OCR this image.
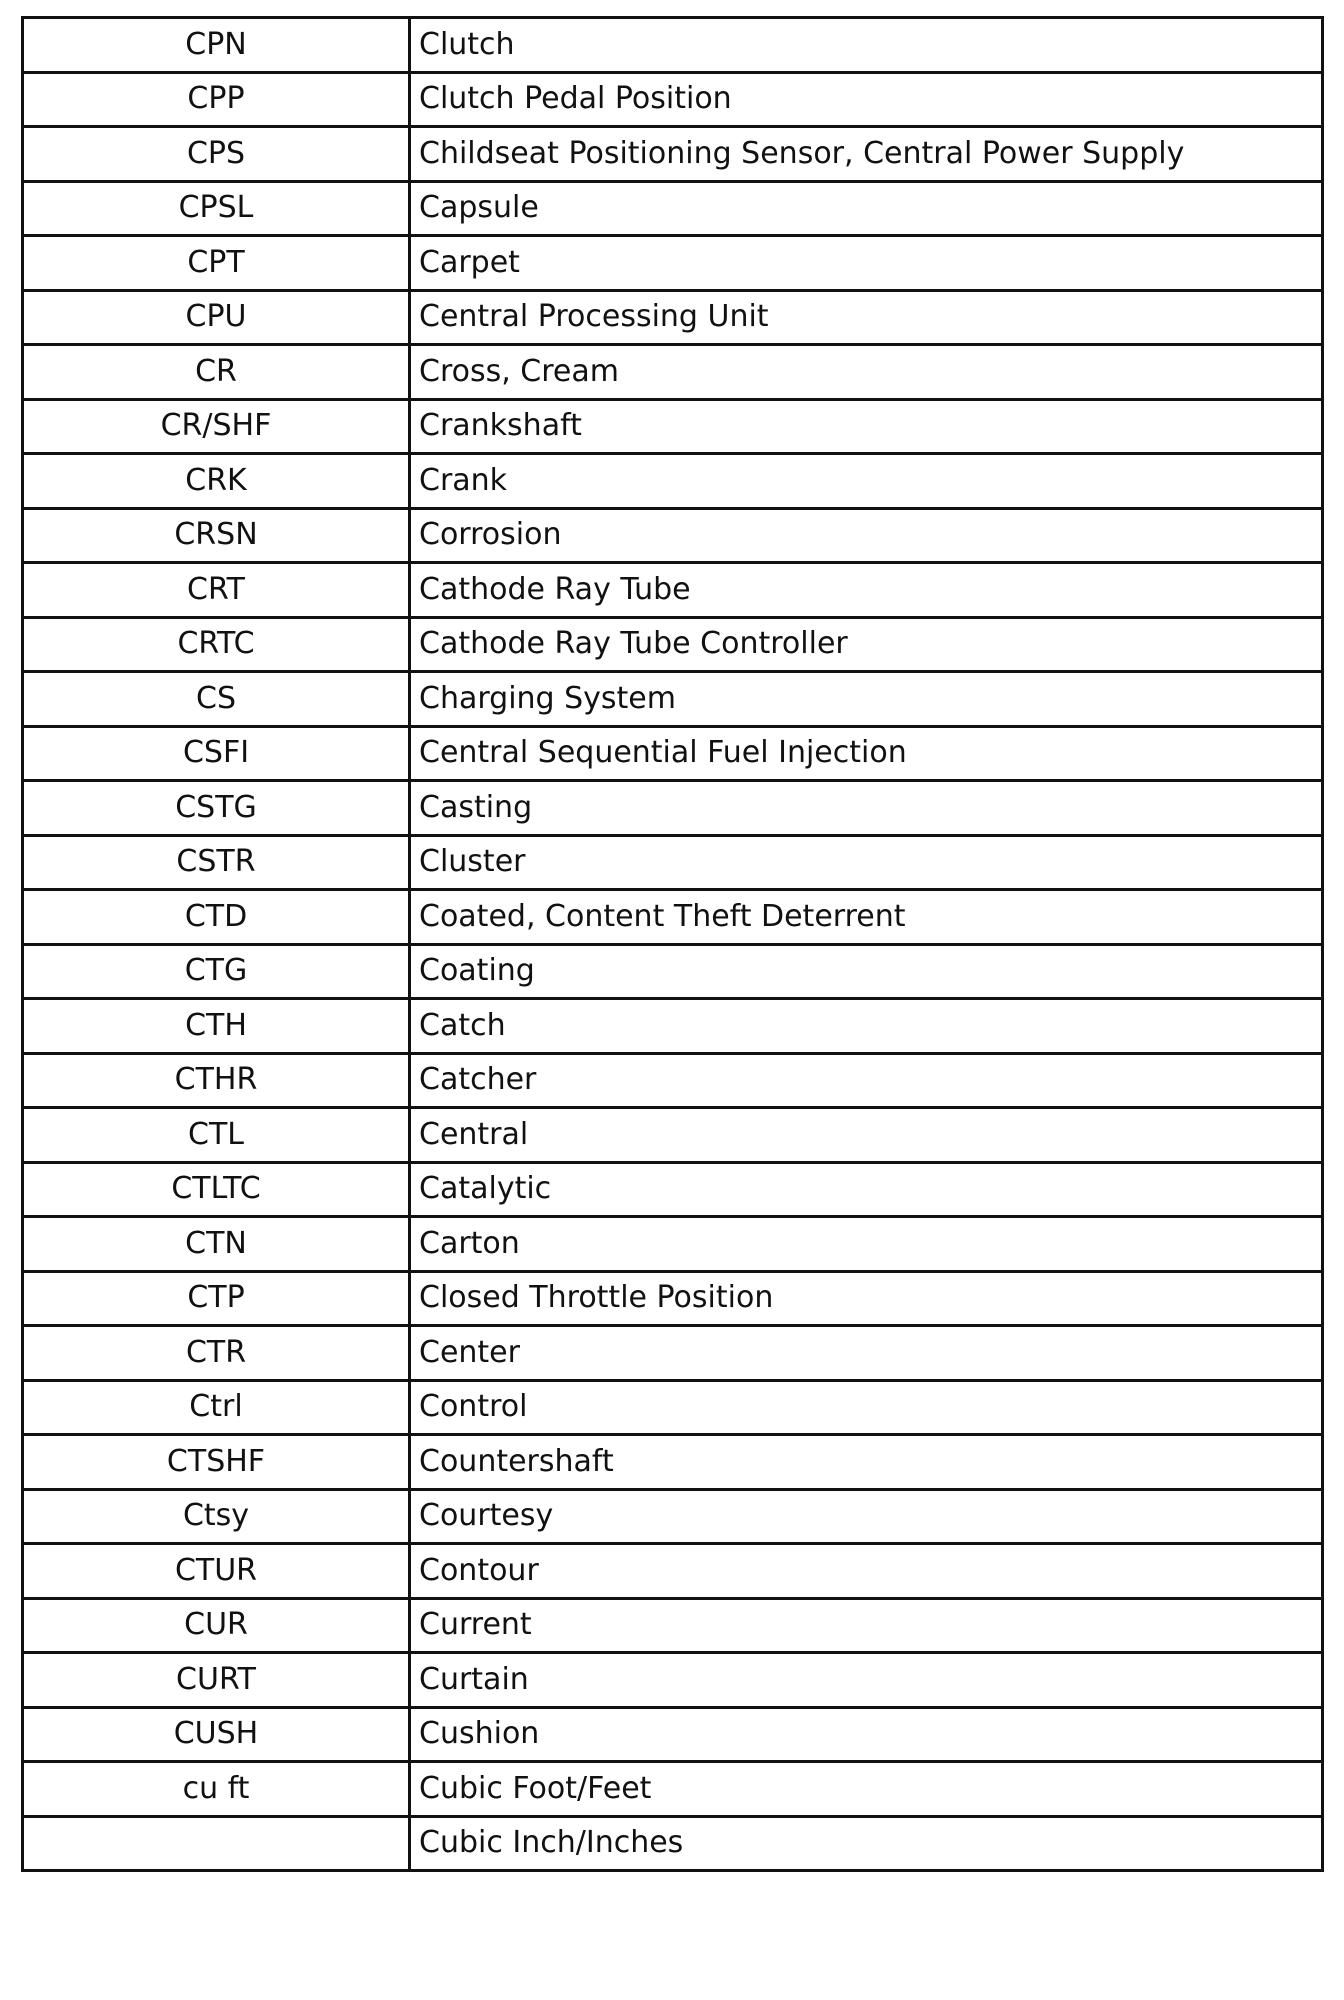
CPN	Clutch
CPP	Clutch Pedal Position
CPS	Childseat Positioning Sensor, Central Power Supply
CPSL	Capsule
CPT	Carpet
CPU	Central Processing Unit
CR	Cross, Cream
CR/SHF	Crankshaft
CRK	Crank
CRSN	Corrosion
CRT	Cathode Ray Tube
CRTC	Cathode Ray Tube Controller
CS	Charging System
CSFI	Central Sequential Fuel Injection
CSTG	Casting
CSTR	Cluster
CTD	Coated, Content Theft Deterrent
CTG	Coating
CTH	Catch
CTHR	Catcher
CTL	Central
CTLTC	Catalytic
CTN	Carton
CTP	Closed Throttle Position
CTR	Center
Ctrl	Control
CTSHF	Countershaft
Ctsy	Courtesy
CTUR	Contour
CUR	Current
CURT	Curtain
CUSH	Cushion
cu ft	Cubic Foot/Feet
	Cubic Inch/Inches
